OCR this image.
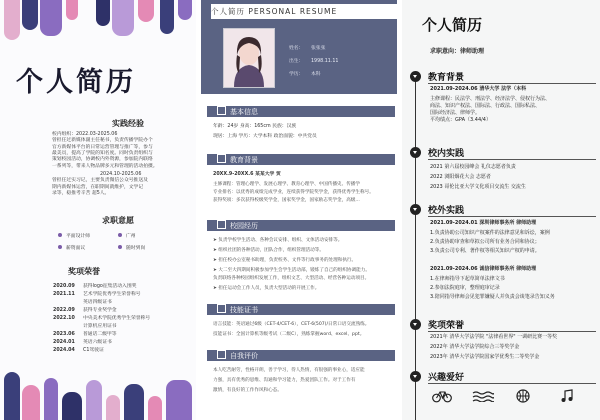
个人简历
实践经验
校内组织：2022.03-2025.06
曾担任过新媒体副主任秘书，负责传播学院办个
官方新媒体平台的日常运营管理与推广等，参与
最美员，提高了学院的知名度。同时负责组织与
策划校园活动，协调校内外资源，参加院内联络
一系列等，带来人物品牌多元和管理的活动拍摄。
2024.10-2025.06
曾担任过实习记，主要负责微信公众号推送及
期内新媒体运营，在职期间就维护，文学记
录等，稳推考辛苦 超5人。
求职意愿
平面设计师	广州
薪资面议	随时到岗
奖项荣誉
2020.09 获得logo征集活动入围奖
2021.11 艺术学院优秀学生荣誉称号
英语四级证书
2022.09 获得专业奖学金
2022.10 中央美术学院优秀学生荣誉称号
计算机应用证书
2023.06 普通话二级甲等
2024.01 英语六级证书
2024.04 C1驾驶证
个人简历 PERSONAL RESUME
姓名： 张张张
出生： 1998.11.11
学历： 本科
基本信息
年龄：24岁 身高：165cm 民族：汉族
现居：上海 学历：大学本科 政治面貌：中共党员
教育背景
20XX.9-20XX.6 某某大学 贸
主修课程：管理心理学、发展心理学、教育心理学、中国传播史、传播学
专业排名：以优秀的成绩完成学业，连续获得学院奖学金，获得优秀学生称号。
获得奖项：多次获得校级奖学金，国家奖学金，国家励志奖学金，高级...
校园经历
➤ 负责学校学生活动、各种会议安排、组织、文体活动安排等。
➤ 组织社团的各种活动，团队合作，组织管理活动等。
➤ 担任校办公室秘书助理，负责校务、文件等行政事务的处理和执行。
➤ 大二至大四期间积极参加学生会学生活动部，锻炼了自己的组织协调能力。
负责联络各种校园组织发展工作，组织文艺、大型活动、经营各种运动项目。
➤ 担任运动会工作人员，负责大型活动的开展工作。
技能证书
语言技能：英语通过6级（CET-4/CET-6），CET-6(507)/日常口语交流熟练。
技能证书：全国计算机等级考试（二级C），熟练掌握word、excel、ppt。
自我评价
本人吃苦耐劳，性格开朗，善于学习，待人热情，有很强的事业心，适应能
力强，具有优秀的思维、沟通和学习能力，热爱团队工作。对于工作有
激情，有良好的工作作风和心态。
个人简历
求职意向：律师助理
教育背景
2021.09-2024.06 清华大学 法学（本科
主修课程：民法学、刑法学、经济法学、侵权行为法、
商法、知识产权法、国际法、行政法、国际私法、
国际经济法、律师学。
平均绩点：GPA（3.44/4）
校内实践
2021 第六届校园峰会 礼仪志愿者负责
2022 浏阳烟花大会 志愿者
2023 哥伦比亚大学文化项目交流生 交流生
校外实践
2021.09-2024.01 深圳律师事务所 律师助理
1.负责协助公司知识产权案件的法律意见和诉讼，案例
2.负责协助审查和草拟公司所有业务合同和协议；
3.负责公司专利、著作权等相关知识产权的申请。
2021.09-2024.06 诚信律师事务所 律师助理
1.在律师指导下起草简单法律文书
2.参加法院庭审，整理庭审记录
3.陪同指导律师会见犯罪嫌疑人并负责会谈笔录告知义务
奖项荣誉
2021年 清华大学法学院 "法律看世界" 一调研比赛一等奖
2022年 清华大学法学院综合三等奖学金
2023年 清华大学法学院国家学优秀生二等奖学金
兴趣爱好
